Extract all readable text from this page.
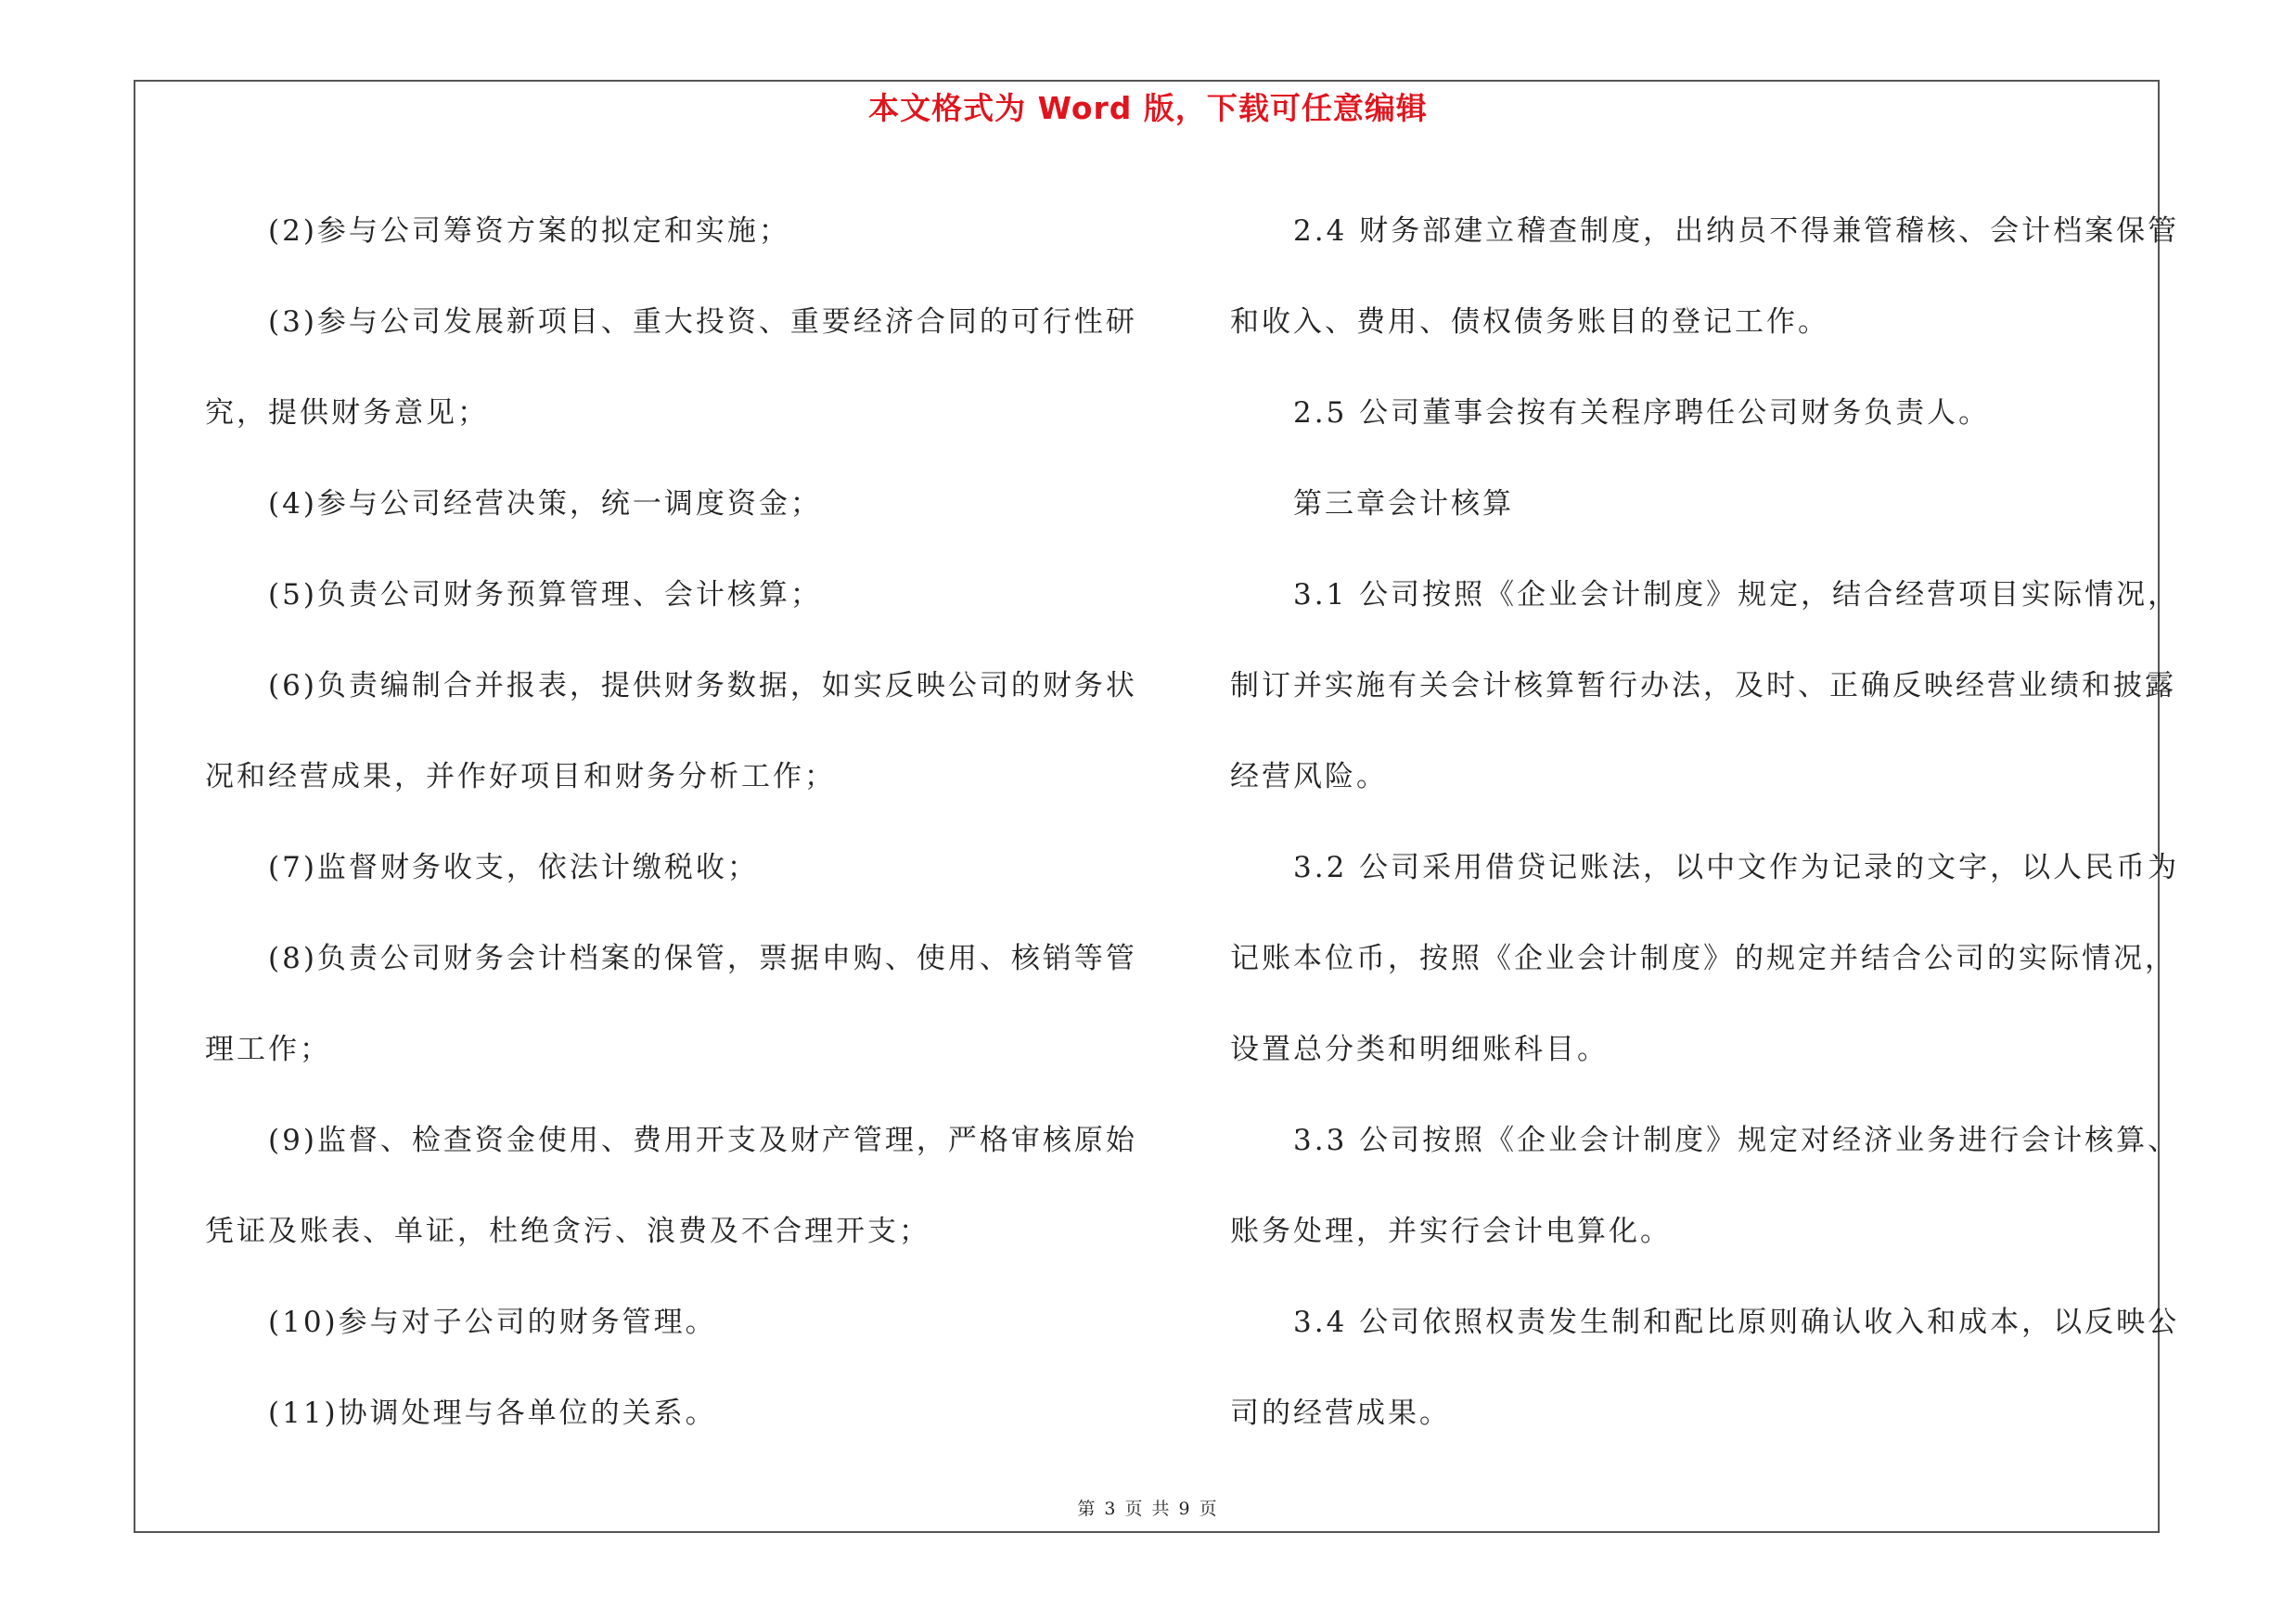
本文格式为 Word 版，下载可任意编辑
(2)参与公司筹资方案的拟定和实施；
(3)参与公司发展新项目、重大投资、重要经济合同的可行性研
究，提供财务意见；
(4)参与公司经营决策，统一调度资金；
(5)负责公司财务预算管理、会计核算；
(6)负责编制合并报表，提供财务数据，如实反映公司的财务状
况和经营成果，并作好项目和财务分析工作；
(7)监督财务收支，依法计缴税收；
(8)负责公司财务会计档案的保管，票据申购、使用、核销等管
理工作；
(9)监督、检查资金使用、费用开支及财产管理，严格审核原始
凭证及账表、单证，杜绝贪污、浪费及不合理开支；
(10)参与对子公司的财务管理。
(11)协调处理与各单位的关系。
2.4 财务部建立稽查制度，出纳员不得兼管稽核、会计档案保管
和收入、费用、债权债务账目的登记工作。
2.5 公司董事会按有关程序聘任公司财务负责人。
第三章会计核算
3.1 公司按照《企业会计制度》规定，结合经营项目实际情况，
制订并实施有关会计核算暂行办法，及时、正确反映经营业绩和披露
经营风险。
3.2 公司采用借贷记账法，以中文作为记录的文字，以人民币为
记账本位币，按照《企业会计制度》的规定并结合公司的实际情况，
设置总分类和明细账科目。
3.3 公司按照《企业会计制度》规定对经济业务进行会计核算、
账务处理，并实行会计电算化。
3.4 公司依照权责发生制和配比原则确认收入和成本，以反映公
司的经营成果。
第 3 页 共 9 页
